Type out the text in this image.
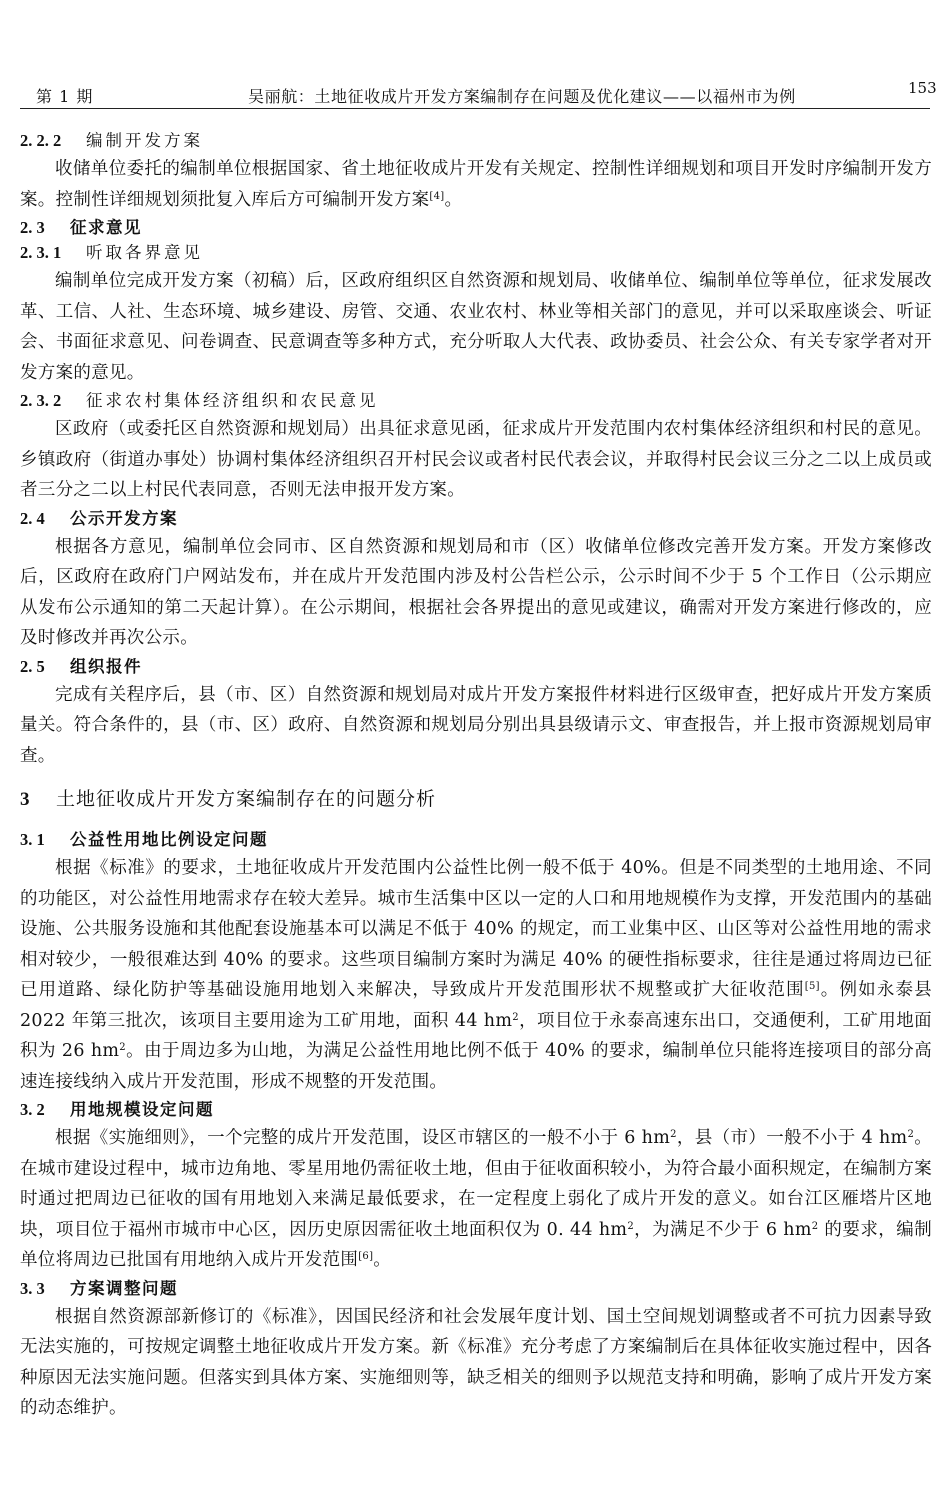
第 1 期	吴丽航：土地征收成片开发方案编制存在问题及优化建议——以福州市为例	153
2. 2. 2 编制开发方案

收储单位委托的编制单位根据国家、省土地征收成片开发有关规定、控制性详细规划和项目开发时序编制开发方案。控制性详细规划须批复入库后方可编制开发方案[4]。

2. 3 征求意见
2. 3. 1 听取各界意见

编制单位完成开发方案（初稿）后，区政府组织区自然资源和规划局、收储单位、编制单位等单位，征求发展改革、工信、人社、生态环境、城乡建设、房管、交通、农业农村、林业等相关部门的意见，并可以采取座谈会、听证会、书面征求意见、问卷调查、民意调查等多种方式，充分听取人大代表、政协委员、社会公众、有关专家学者对开发方案的意见。

2. 3. 2 征求农村集体经济组织和农民意见

区政府（或委托区自然资源和规划局）出具征求意见函，征求成片开发范围内农村集体经济组织和村民的意见。乡镇政府（街道办事处）协调村集体经济组织召开村民会议或者村民代表会议，并取得村民会议三分之二以上成员或者三分之二以上村民代表同意，否则无法申报开发方案。

2. 4 公示开发方案

根据各方意见，编制单位会同市、区自然资源和规划局和市（区）收储单位修改完善开发方案。开发方案修改后，区政府在政府门户网站发布，并在成片开发范围内涉及村公告栏公示，公示时间不少于 5 个工作日（公示期应从发布公示通知的第二天起计算）。在公示期间，根据社会各界提出的意见或建议，确需对开发方案进行修改的，应及时修改并再次公示。

2. 5 组织报件

完成有关程序后，县（市、区）自然资源和规划局对成片开发方案报件材料进行区级审查，把好成片开发方案质量关。符合条件的，县（市、区）政府、自然资源和规划局分别出具县级请示文、审查报告，并上报市资源规划局审查。

3 土地征收成片开发方案编制存在的问题分析
3. 1 公益性用地比例设定问题

根据《标准》的要求，土地征收成片开发范围内公益性比例一般不低于 40%。但是不同类型的土地用途、不同的功能区，对公益性用地需求存在较大差异。城市生活集中区以一定的人口和用地规模作为支撑，开发范围内的基础设施、公共服务设施和其他配套设施基本可以满足不低于 40% 的规定，而工业集中区、山区等对公益性用地的需求相对较少，一般很难达到 40% 的要求。这些项目编制方案时为满足 40% 的硬性指标要求，往往是通过将周边已征已用道路、绿化防护等基础设施用地划入来解决，导致成片开发范围形状不规整或扩大征收范围[5]。例如永泰县 2022 年第三批次，该项目主要用途为工矿用地，面积 44 $hm^2$，项目位于永泰高速东出口，交通便利，工矿用地面积为 26 $hm^2$。由于周边多为山地，为满足公益性用地比例不低于 40% 的要求，编制单位只能将连接项目的部分高速连接线纳入成片开发范围，形成不规整的开发范围。

3. 2 用地规模设定问题

根据《实施细则》，一个完整的成片开发范围，设区市辖区的一般不小于 6 $hm^2$，县（市）一般不小于 4 $hm^2$。在城市建设过程中，城市边角地、零星用地仍需征收土地，但由于征收面积较小，为符合最小面积规定，在编制方案时通过把周边已征收的国有用地划入来满足最低要求，在一定程度上弱化了成片开发的意义。如台江区雁塔片区地块，项目位于福州市城市中心区，因历史原因需征收土地面积仅为 0. 44 $hm^2$，为满足不少于 6 $hm^2$ 的要求，编制单位将周边已批国有用地纳入成片开发范围[6]。

3. 3 方案调整问题

根据自然资源部新修订的《标准》，因国民经济和社会发展年度计划、国土空间规划调整或者不可抗力因素导致无法实施的，可按规定调整土地征收成片开发方案。新《标准》充分考虑了方案编制后在具体征收实施过程中，因各种原因无法实施问题。但落实到具体方案、实施细则等，缺乏相关的细则予以规范支持和明确，影响了成片开发方案的动态维护。
